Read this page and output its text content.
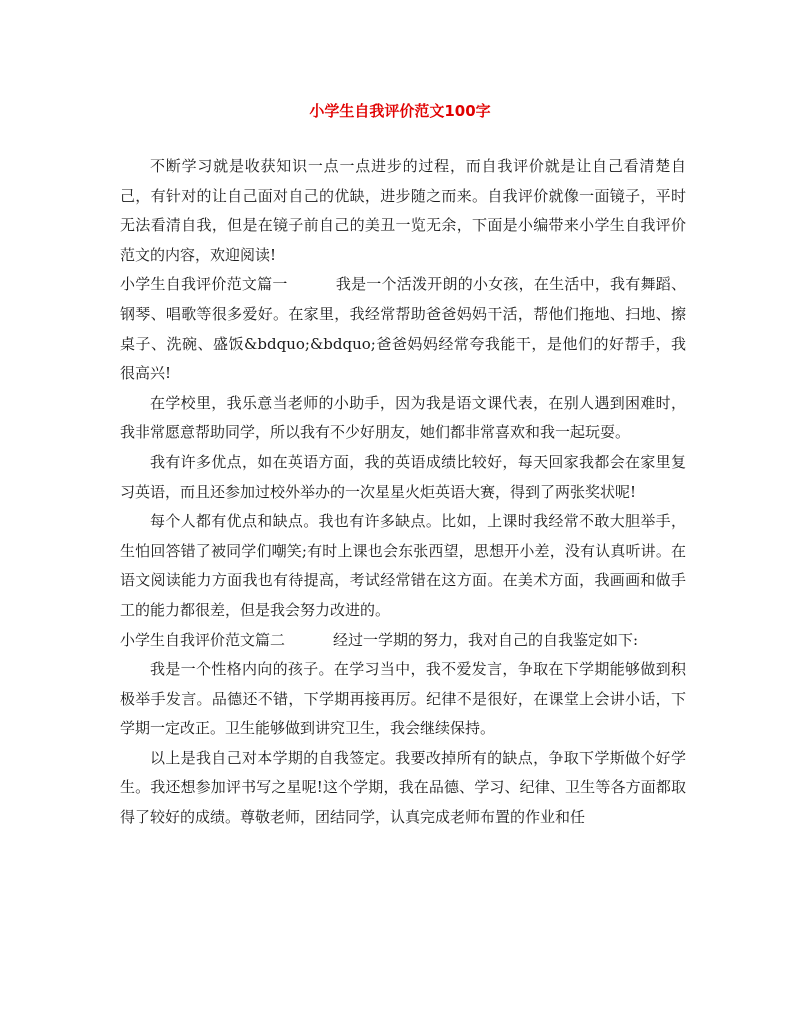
小学生自我评价范文100字

不断学习就是收获知识一点一点进步的过程，而自我评价就是让自己看清楚自己，有针对的让自己面对自己的优缺，进步随之而来。自我评价就像一面镜子，平时无法看清自我，但是在镜子前自己的美丑一览无余，下面是小编带来小学生自我评价范文的内容，欢迎阅读!

小学生自我评价范文篇一	我是一个活泼开朗的小女孩，在生活中，我有舞蹈、钢琴、唱歌等很多爱好。在家里，我经常帮助爸爸妈妈干活，帮他们拖地、扫地、擦桌子、洗碗、盛饭&bdquo;&bdquo;爸爸妈妈经常夸我能干，是他们的好帮手，我很高兴!

在学校里，我乐意当老师的小助手，因为我是语文课代表，在别人遇到困难时，我非常愿意帮助同学，所以我有不少好朋友，她们都非常喜欢和我一起玩耍。

我有许多优点，如在英语方面，我的英语成绩比较好，每天回家我都会在家里复习英语，而且还参加过校外举办的一次星星火炬英语大赛，得到了两张奖状呢!

每个人都有优点和缺点。我也有许多缺点。比如，上课时我经常不敢大胆举手，生怕回答错了被同学们嘲笑;有时上课也会东张西望，思想开小差，没有认真听讲。在语文阅读能力方面我也有待提高，考试经常错在这方面。在美术方面，我画画和做手工的能力都很差，但是我会努力改进的。

小学生自我评价范文篇二	经过一学期的努力，我对自己的自我鉴定如下:

我是一个性格内向的孩子。在学习当中，我不爱发言，争取在下学期能够做到积极举手发言。品德还不错，下学期再接再厉。纪律不是很好，在课堂上会讲小话，下学期一定改正。卫生能够做到讲究卫生，我会继续保持。

以上是我自己对本学期的自我签定。我要改掉所有的缺点，争取下学斯做个好学生。我还想参加评书写之星呢!这个学期，我在品德、学习、纪律、卫生等各方面都取得了较好的成绩。尊敬老师，团结同学，认真完成老师布置的作业和任
